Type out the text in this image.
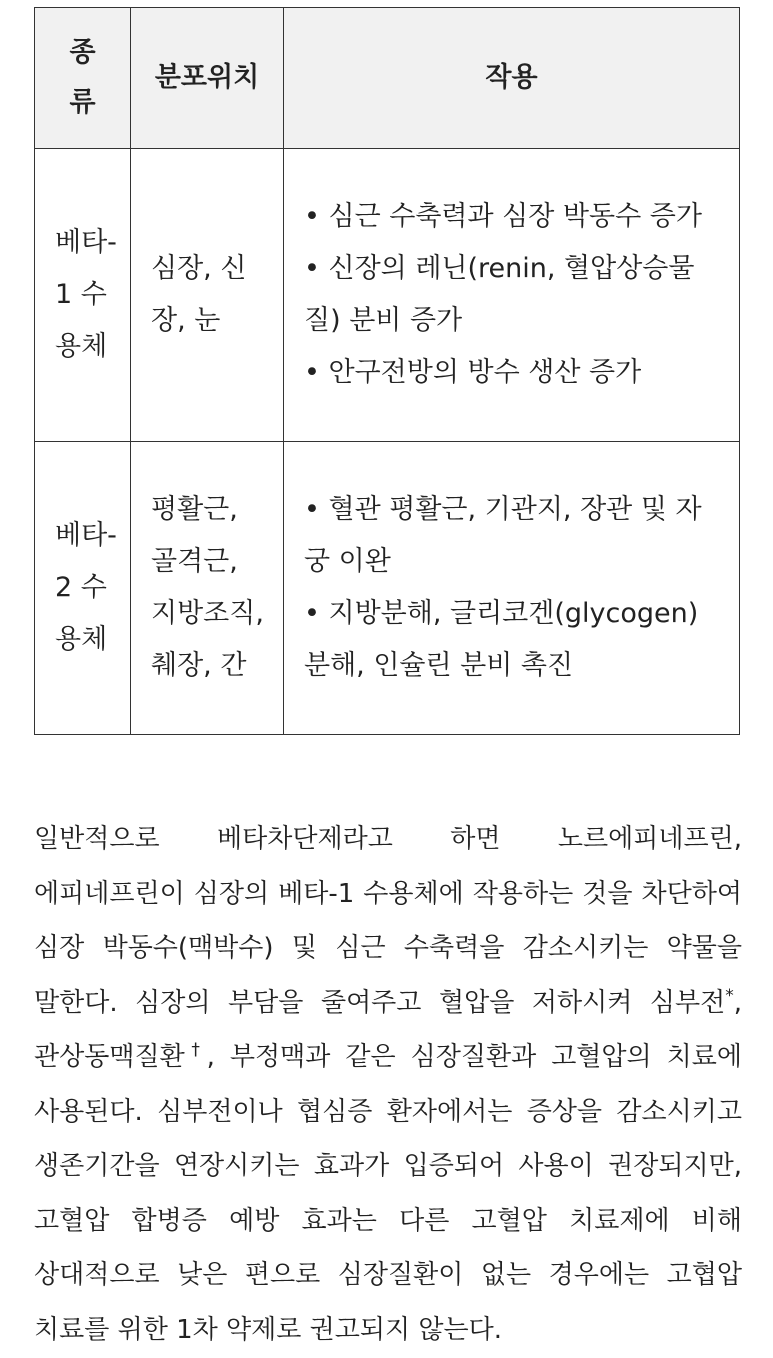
종류	분포위치	작용
베타-1 수용체	심장, 신장, 눈	• 심근 수축력과 심장 박동수 증가
• 신장의 레닌(renin, 혈압상승물질) 분비 증가
• 안구전방의 방수 생산 증가

베타-2 수용체	평활근, 골격근, 지방조직, 췌장, 간	• 혈관 평활근, 기관지, 장관 및 자궁 이완
• 지방분해, 글리코겐(glycogen) 분해, 인슐린 분비 촉진

일반적으로 베타차단제라고 하면 노르에피네프린, 에피네프린이 심장의 베타-1 수용체에 작용하는 것을 차단하여 심장 박동수(맥박수) 및 심근 수축력을 감소시키는 약물을 말한다. 심장의 부담을 줄여주고 혈압을 저하시켜 심부전*, 관상동맥질환†, 부정맥과 같은 심장질환과 고혈압의 치료에 사용된다. 심부전이나 협심증 환자에서는 증상을 감소시키고 생존기간을 연장시키는 효과가 입증되어 사용이 권장되지만, 고혈압 합병증 예방 효과는 다른 고혈압 치료제에 비해 상대적으로 낮은 편으로 심장질환이 없는 경우에는 고협압 치료를 위한 1차 약제로 권고되지 않는다.
